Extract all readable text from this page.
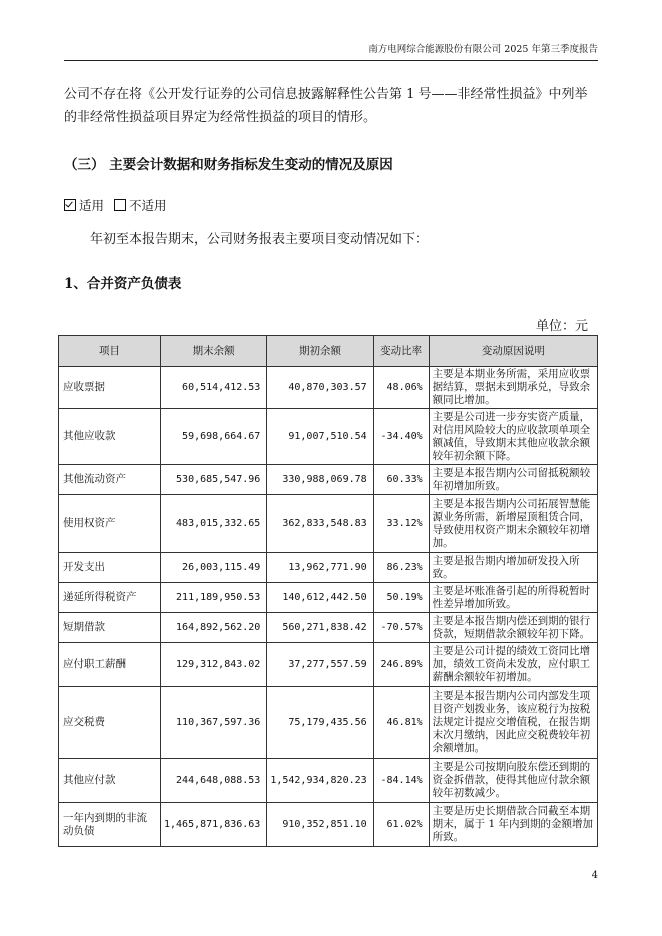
南方电网综合能源股份有限公司 2025 年第三季度报告
公司不存在将《公开发行证券的公司信息披露解释性公告第 1 号——非经常性损益》中列举的非经常性损益项目界定为经常性损益的项目的情形。
（三） 主要会计数据和财务指标发生变动的情况及原因
适用 不适用
年初至本报告期末，公司财务报表主要项目变动情况如下：
1、合并资产负债表
单位：元
项目	期末余额	期初余额	变动比率	变动原因说明
应收票据	60,514,412.53	40,870,303.57	48.06%	主要是本期业务所需，采用应收票据结算，票据未到期承兑，导致余额同比增加。
其他应收款	59,698,664.67	91,007,510.54	-34.40%	主要是公司进一步夯实资产质量，对信用风险较大的应收款项单项全额减值，导致期末其他应收款余额较年初余额下降。
其他流动资产	530,685,547.96	330,988,069.78	60.33%	主要是本报告期内公司留抵税额较年初增加所致。
使用权资产	483,015,332.65	362,833,548.83	33.12%	主要是本报告期内公司拓展智慧能源业务所需，新增屋顶租赁合同，导致使用权资产期末余额较年初增加。
开发支出	26,003,115.49	13,962,771.90	86.23%	主要是报告期内增加研发投入所致。
递延所得税资产	211,189,950.53	140,612,442.50	50.19%	主要是坏账准备引起的所得税暂时性差异增加所致。
短期借款	164,892,562.20	560,271,838.42	-70.57%	主要是本报告期内偿还到期的银行贷款，短期借款余额较年初下降。
应付职工薪酬	129,312,843.02	37,277,557.59	246.89%	主要是公司计提的绩效工资同比增加，绩效工资尚未发放，应付职工薪酬余额较年初增加。
应交税费	110,367,597.36	75,179,435.56	46.81%	主要是本报告期内公司内部发生项目资产划拨业务，该应税行为按税法规定计提应交增值税，在报告期末次月缴纳，因此应交税费较年初余额增加。
其他应付款	244,648,088.53	1,542,934,820.23	-84.14%	主要是公司按期向股东偿还到期的资金拆借款，使得其他应付款余额较年初数减少。
一年内到期的非流动负债	1,465,871,836.63	910,352,851.10	61.02%	主要是历史长期借款合同截至本期期末，属于 1 年内到期的金额增加所致。
4
